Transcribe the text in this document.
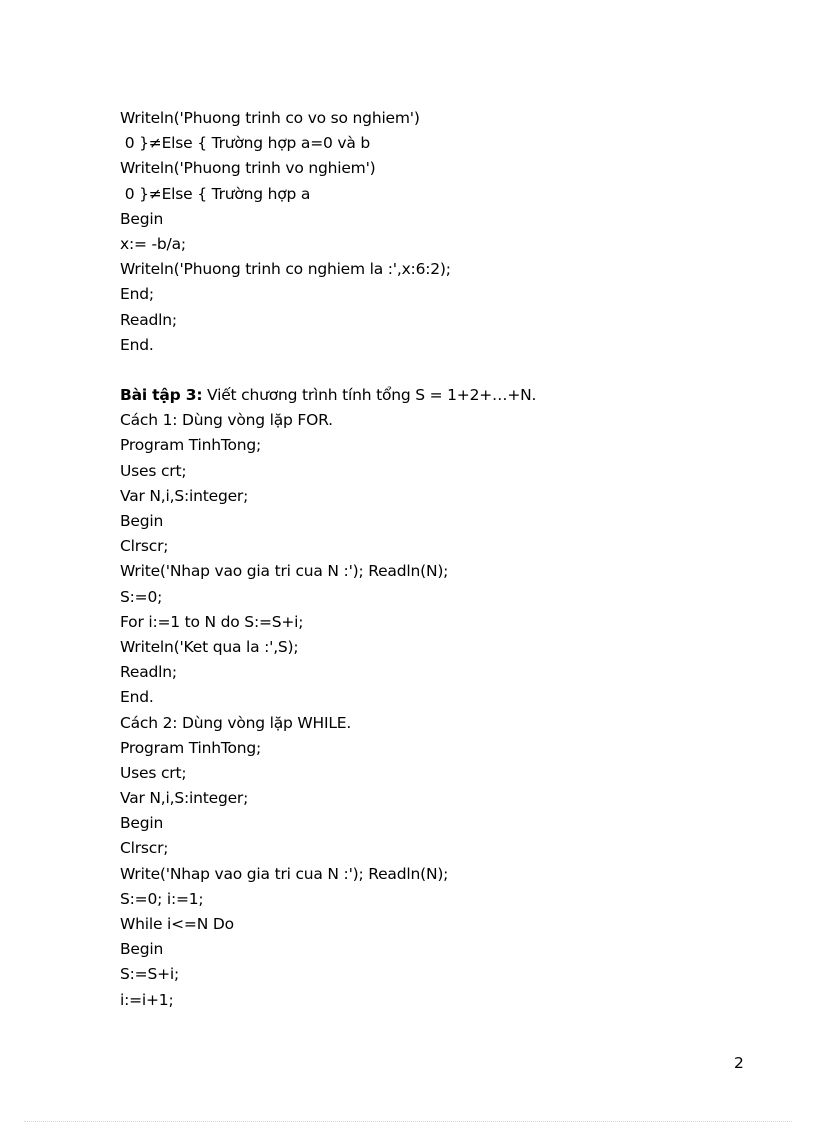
Writeln('Phuong trinh co vo so nghiem')
0 }≠Else { Trường hợp a=0 và b
Writeln('Phuong trinh vo nghiem')
0 }≠Else { Trường hợp a
Begin
x:= -b/a;
Writeln('Phuong trinh co nghiem la :',x:6:2);
End;
Readln;
End.
Bài tập 3: Viết chương trình tính tổng S = 1+2+…+N.
Cách 1: Dùng vòng lặp FOR.
Program TinhTong;
Uses crt;
Var N,i,S:integer;
Begin
Clrscr;
Write('Nhap vao gia tri cua N :'); Readln(N);
S:=0;
For i:=1 to N do S:=S+i;
Writeln('Ket qua la :',S);
Readln;
End.
Cách 2: Dùng vòng lặp WHILE.
Program TinhTong;
Uses crt;
Var N,i,S:integer;
Begin
Clrscr;
Write('Nhap vao gia tri cua N :'); Readln(N);
S:=0; i:=1;
While i<=N Do
Begin
S:=S+i;
i:=i+1;
2
